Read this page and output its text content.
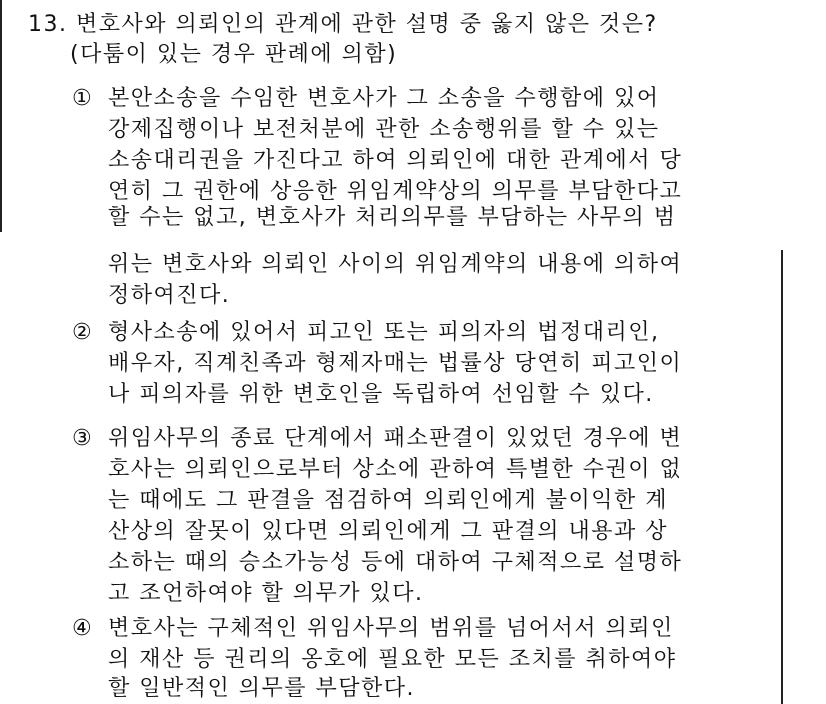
13. 변호사와 의뢰인의 관계에 관한 설명 중 옳지 않은 것은?
(다툼이 있는 경우 판례에 의함)
① 본안소송을 수임한 변호사가 그 소송을 수행함에 있어
강제집행이나 보전처분에 관한 소송행위를 할 수 있는
소송대리권을 가진다고 하여 의뢰인에 대한 관계에서 당
연히 그 권한에 상응한 위임계약상의 의무를 부담한다고
할 수는 없고, 변호사가 처리의무를 부담하는 사무의 범
위는 변호사와 의뢰인 사이의 위임계약의 내용에 의하여
정하여진다.
② 형사소송에 있어서 피고인 또는 피의자의 법정대리인,
배우자, 직계친족과 형제자매는 법률상 당연히 피고인이
나 피의자를 위한 변호인을 독립하여 선임할 수 있다.
③ 위임사무의 종료 단계에서 패소판결이 있었던 경우에 변
호사는 의뢰인으로부터 상소에 관하여 특별한 수권이 없
는 때에도 그 판결을 점검하여 의뢰인에게 불이익한 계
산상의 잘못이 있다면 의뢰인에게 그 판결의 내용과 상
소하는 때의 승소가능성 등에 대하여 구체적으로 설명하
고 조언하여야 할 의무가 있다.
④ 변호사는 구체적인 위임사무의 범위를 넘어서서 의뢰인
의 재산 등 권리의 옹호에 필요한 모든 조치를 취하여야
할 일반적인 의무를 부담한다.
